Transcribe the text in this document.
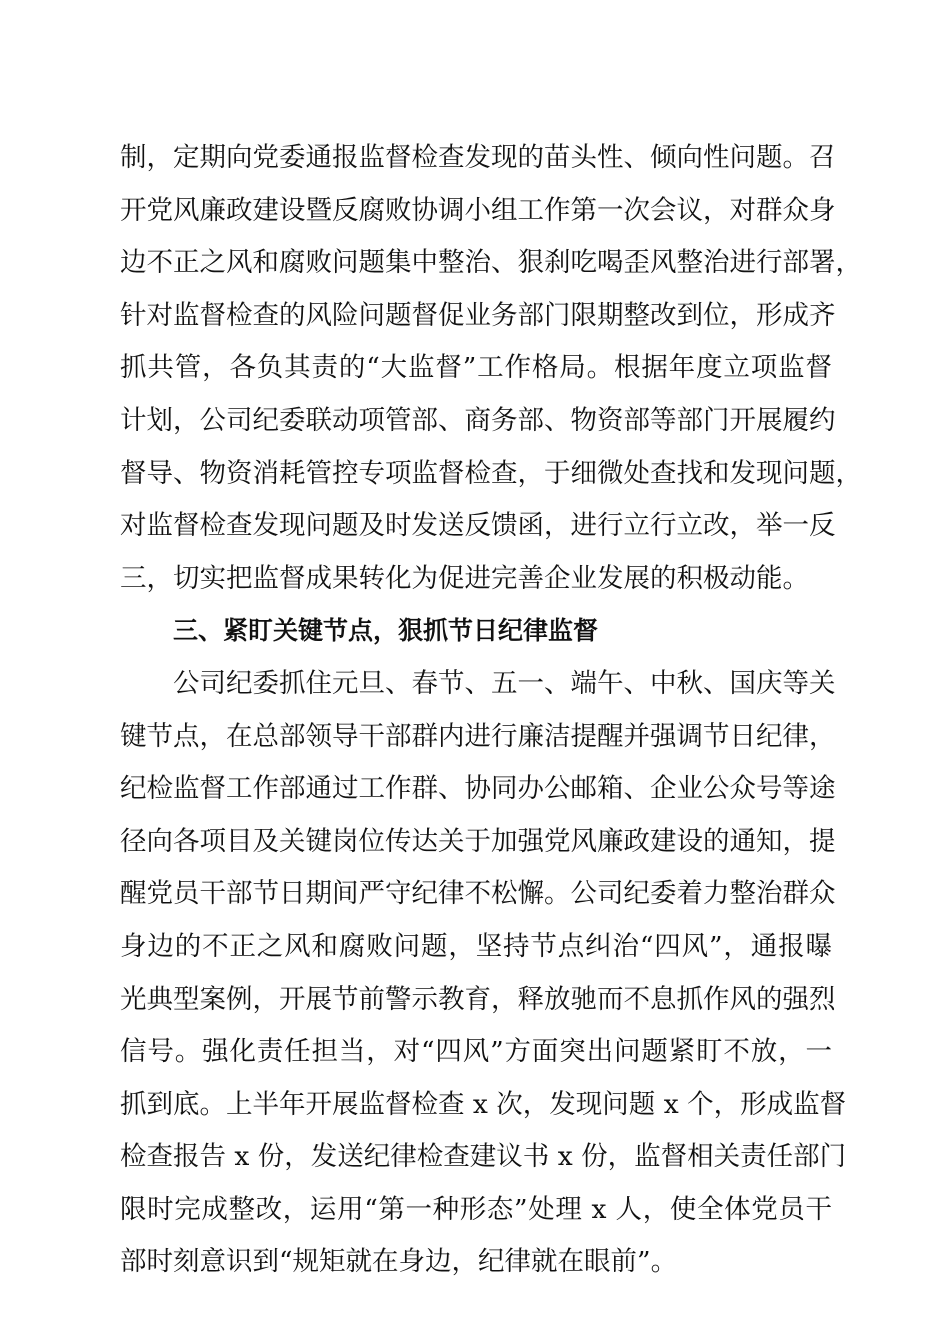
制，定期向党委通报监督检查发现的苗头性、倾向性问题。召
开党风廉政建设暨反腐败协调小组工作第一次会议，对群众身
边不正之风和腐败问题集中整治、狠刹吃喝歪风整治进行部署，
针对监督检查的风险问题督促业务部门限期整改到位，形成齐
抓共管，各负其责的“大监督”工作格局。根据年度立项监督
计划，公司纪委联动项管部、商务部、物资部等部门开展履约
督导、物资消耗管控专项监督检查，于细微处查找和发现问题，
对监督检查发现问题及时发送反馈函，进行立行立改，举一反
三，切实把监督成果转化为促进完善企业发展的积极动能。
三、紧盯关键节点，狠抓节日纪律监督
公司纪委抓住元旦、春节、五一、端午、中秋、国庆等关
键节点，在总部领导干部群内进行廉洁提醒并强调节日纪律，
纪检监督工作部通过工作群、协同办公邮箱、企业公众号等途
径向各项目及关键岗位传达关于加强党风廉政建设的通知，提
醒党员干部节日期间严守纪律不松懈。公司纪委着力整治群众
身边的不正之风和腐败问题，坚持节点纠治“四风”，通报曝
光典型案例，开展节前警示教育，释放驰而不息抓作风的强烈
信号。强化责任担当，对“四风”方面突出问题紧盯不放，一
抓到底。上半年开展监督检查 x 次，发现问题 x 个，形成监督
检查报告 x 份，发送纪律检查建议书 x 份，监督相关责任部门
限时完成整改，运用“第一种形态”处理 x 人，使全体党员干
部时刻意识到“规矩就在身边，纪律就在眼前”。
